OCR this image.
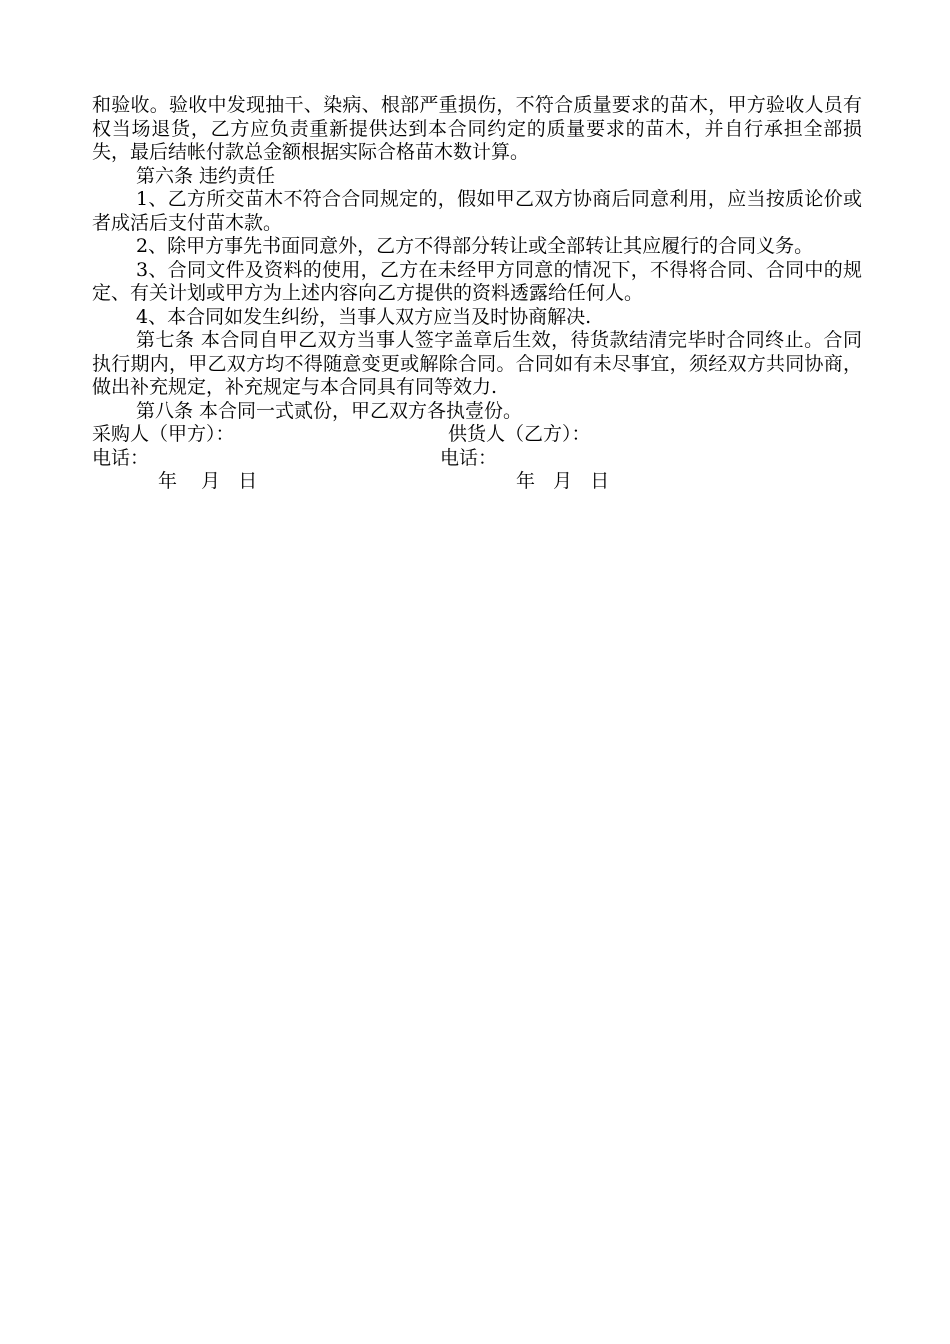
和验收。验收中发现抽干、染病、根部严重损伤，不符合质量要求的苗木，甲方验收人员有权当场退货，乙方应负责重新提供达到本合同约定的质量要求的苗木，并自行承担全部损失，最后结帐付款总金额根据实际合格苗木数计算。

第六条 违约责任

1、乙方所交苗木不符合合同规定的，假如甲乙双方协商后同意利用，应当按质论价或者成活后支付苗木款。

2、除甲方事先书面同意外，乙方不得部分转让或全部转让其应履行的合同义务。

3、合同文件及资料的使用，乙方在未经甲方同意的情况下，不得将合同、合同中的规定、有关计划或甲方为上述内容向乙方提供的资料透露给任何人。

4、本合同如发生纠纷，当事人双方应当及时协商解决.

第七条 本合同自甲乙双方当事人签字盖章后生效，待货款结清完毕时合同终止。合同执行期内，甲乙双方均不得随意变更或解除合同。合同如有未尽事宜，须经双方共同协商，做出补充规定，补充规定与本合同具有同等效力.

第八条 本合同一式贰份，甲乙双方各执壹份。

采购人（甲方）：

	供货人（乙方）：

电话：

	电话：

年    月   日

	年   月   日
